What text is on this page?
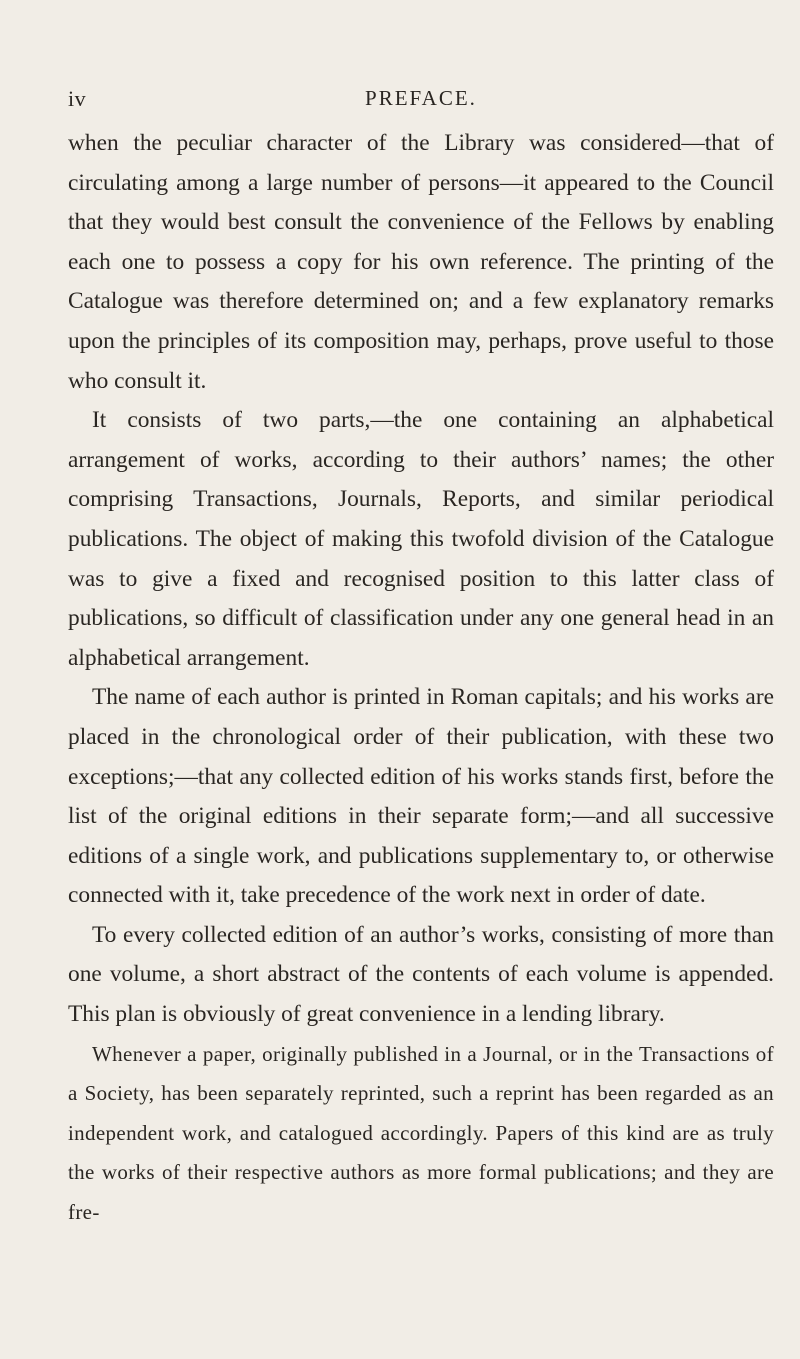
iv	PREFACE.

when the peculiar character of the Library was considered—that of circulating among a large number of persons—it appeared to the Council that they would best consult the convenience of the Fellows by enabling each one to possess a copy for his own reference. The printing of the Catalogue was therefore determined on; and a few explanatory remarks upon the principles of its composition may, perhaps, prove useful to those who consult it.

It consists of two parts,—the one containing an alphabetical arrangement of works, according to their authors’ names; the other comprising Transactions, Journals, Reports, and similar periodical publications. The object of making this twofold division of the Catalogue was to give a fixed and recognised position to this latter class of publications, so difficult of classification under any one general head in an alphabetical arrangement.

The name of each author is printed in Roman capitals; and his works are placed in the chronological order of their publication, with these two exceptions;—that any collected edition of his works stands first, before the list of the original editions in their separate form;—and all successive editions of a single work, and publications supplementary to, or otherwise connected with it, take precedence of the work next in order of date.

To every collected edition of an author’s works, consisting of more than one volume, a short abstract of the contents of each volume is appended. This plan is obviously of great convenience in a lending library.

Whenever a paper, originally published in a Journal, or in the Transactions of a Society, has been separately reprinted, such a reprint has been regarded as an independent work, and catalogued accordingly. Papers of this kind are as truly the works of their respective authors as more formal publications; and they are fre-
